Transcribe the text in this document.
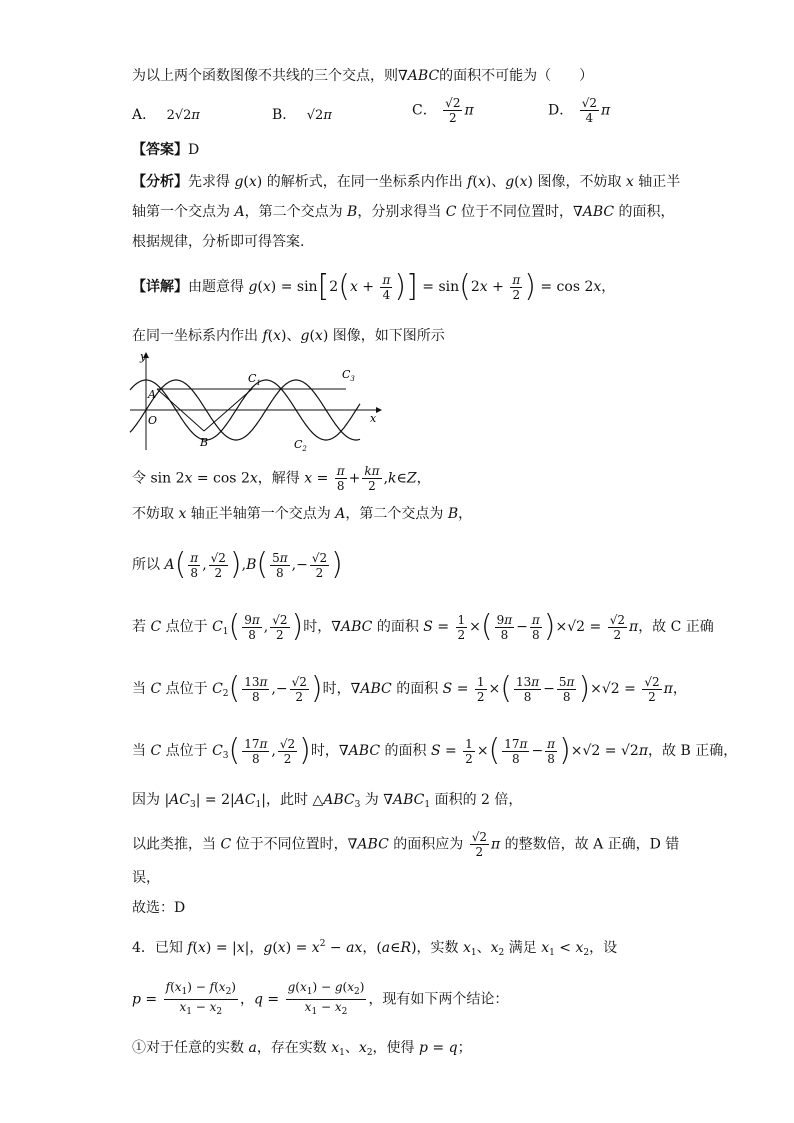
为以上两个函数图像不共线的三个交点，则∇ABC的面积不可能为（　　）
A． 2√2π	B． √2π	C． $\frac{√2}{2}$ π	D． $\frac{√2}{4}$ π
【答案】D
【分析】先求得 g(x) 的解析式，在同一坐标系内作出 f(x)、g(x) 图像，不妨取 x 轴正半
轴第一个交点为 A，第二个交点为 B，分别求得当 C 位于不同位置时，∇ABC 的面积，
根据规律，分析即可得答案.
【详解】由题意得 $g(x) = \sin[2(x + \frac{\pi}{4}$ )] = $\sin(2x + \frac{\pi}{2}$ ) = cos 2x，
在同一坐标系内作出 f(x)、g(x) 图像，如下图所示
y
x
O
A
B
$C_1$
$C_2$
$C_3$
令 sin 2x = cos 2x，解得 $x = \frac{\pi}{8} + \frac{k\pi}{2}$ ,k∈Z，
不妨取 x 轴正半轴第一个交点为 A，第二个交点为 B，
所以 $A( \frac{\pi}{8}$ , $\frac{√2}{2} ),B( \frac{5\pi}{8}$ ,− $\frac{√2}{2}$ )
若 C 点位于 $C_1( \frac{9\pi}{8}$ , $\frac{√2}{2}$ )时，∇ABC 的面积 $S = \frac{1}{2}$ ×( $\frac{9\pi}{8} - \frac{\pi}{8} )\times√2 = \frac{√2}{2}$ π，故 C 正确
当 C 点位于 $C_2( \frac{13\pi}{8}$ ,− $\frac{√2}{2}$ )时，∇ABC 的面积 $S = \frac{1}{2}$ ×( $\frac{13\pi}{8} - \frac{5\pi}{8} )\times√2 = \frac{√2}{2}$ π，
当 C 点位于 $C_3( \frac{17\pi}{8}$ , $\frac{√2}{2}$ )时，∇ABC 的面积 $S = \frac{1}{2}$ ×( $\frac{17\pi}{8} - \frac{\pi}{8} )\times√2 = √2\pi$，故 B 正确，
因为 $|AC_3| = 2|AC_1|$，此时 $\triangle ABC_3$ 为 $\nabla ABC_1$ 面积的 2 倍，
以此类推，当 C 位于不同位置时，∇ABC 的面积应为 $\frac{√2}{2}$ π 的整数倍，故 A 正确，D 错
误，
故选：D
4．已知 f(x) = |x|，$g(x) = x^2$ − ax，(a∈R)，实数 $x_1$、$x_2$ 满足 $x_1 < x_2$，设
$p = \frac{f(x_1) - f(x_2)}{x_1 - x_2}$ ，$q = \frac{g(x_1) - g(x_2)}{x_1 - x_2}$ ，现有如下两个结论：
①对于任意的实数 a，存在实数 $x_1$、$x_2$，使得 p = q；
